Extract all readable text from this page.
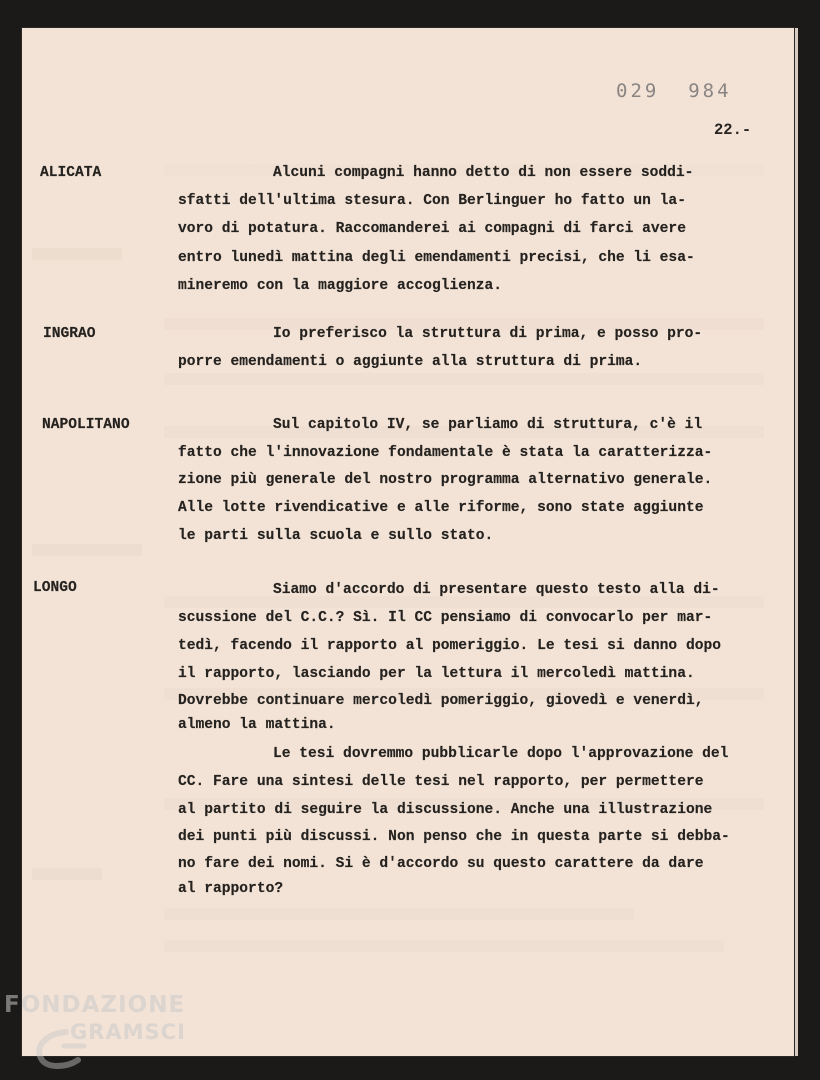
029  984
22.-
ALICATA	Alcuni compagni hanno detto di non essere soddi-
sfatti dell'ultima stesura. Con Berlinguer ho fatto un la-
voro di potatura. Raccomanderei ai compagni di farci avere
entro lunedì mattina degli emendamenti precisi, che li esa-
mineremo con la maggiore accoglienza.
INGRAO	Io preferisco la struttura di prima, e posso pro-
porre emendamenti o aggiunte alla struttura di prima.
NAPOLITANO	Sul capitolo IV, se parliamo di struttura, c'è il
fatto che l'innovazione fondamentale è stata la caratterizza-
zione più generale del nostro programma alternativo generale.
Alle lotte rivendicative e alle riforme, sono state aggiunte
le parti sulla scuola e sullo stato.
LONGO	Siamo d'accordo di presentare questo testo alla di-
scussione del C.C.? Sì. Il CC pensiamo di convocarlo per mar-
tedì, facendo il rapporto al pomeriggio. Le tesi si danno dopo
il rapporto, lasciando per la lettura il mercoledì mattina.
Dovrebbe continuare mercoledì pomeriggio, giovedì e venerdì,
almeno la mattina.
Le tesi dovremmo pubblicarle dopo l'approvazione del
CC. Fare una sintesi delle tesi nel rapporto, per permettere
al partito di seguire la discussione. Anche una illustrazione
dei punti più discussi. Non penso che in questa parte si debba-
no fare dei nomi. Si è d'accordo su questo carattere da dare
al rapporto?
FONDAZIONE
GRAMSCI
